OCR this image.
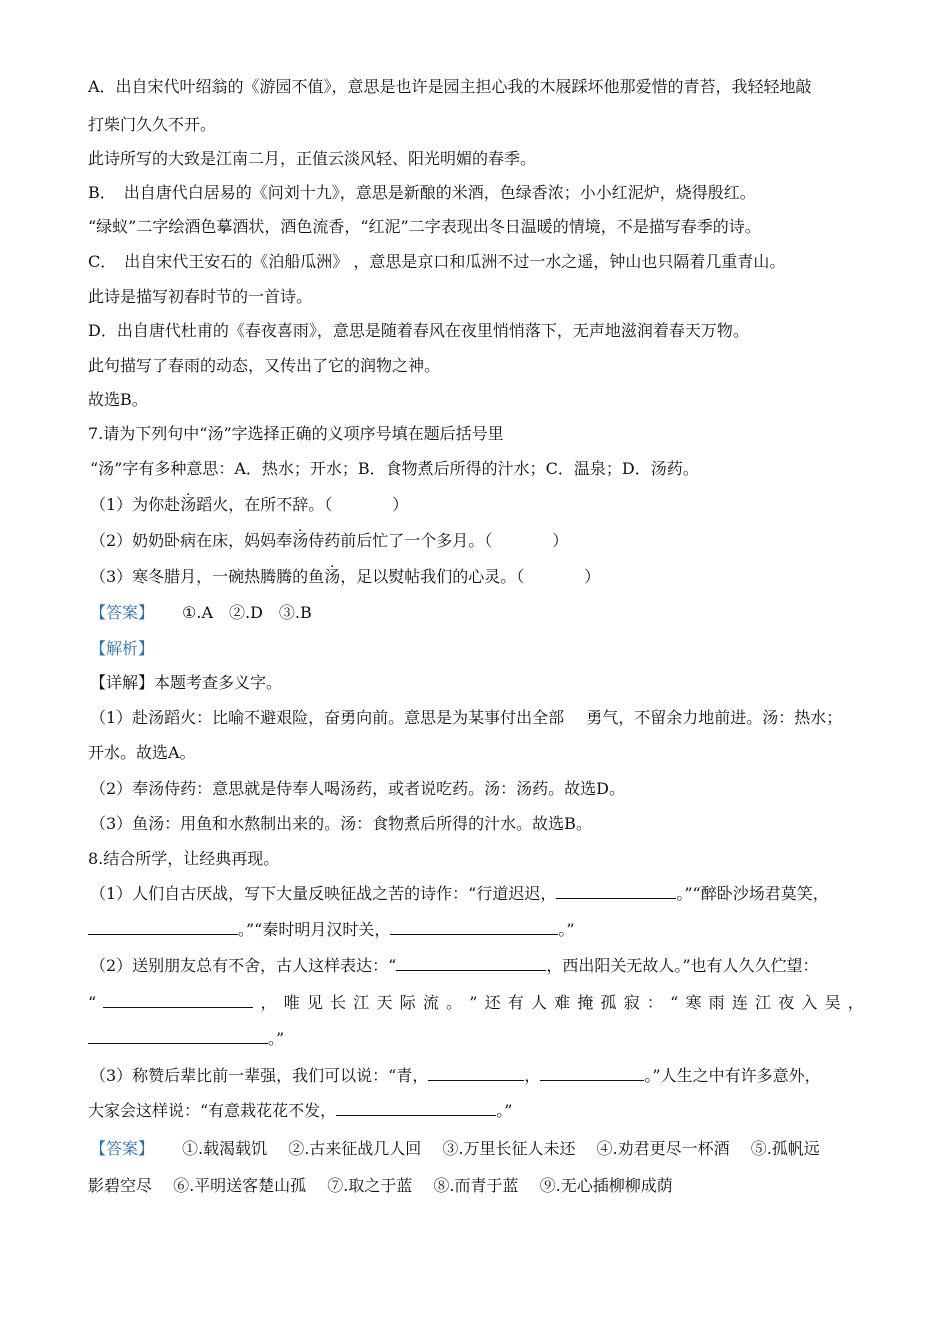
A．出自宋代叶绍翁的《游园不值》，意思是也许是园主担心我的木屐踩坏他那爱惜的青苔，我轻轻地敲
打柴门久久不开。
此诗所写的大致是江南二月，正值云淡风轻、阳光明媚的春季。
B．　出自唐代白居易的《问刘十九》，意思是新酿的米酒，色绿香浓；小小红泥炉，烧得殷红。
“绿蚁”二字绘酒色摹酒状，酒色流香，“红泥”二字表现出冬日温暖的情境，不是描写春季的诗。
C．　出自宋代王安石的《泊船瓜洲》 ，意思是京口和瓜洲不过一水之遥，钟山也只隔着几重青山。
此诗是描写初春时节的一首诗。
D．出自唐代杜甫的《春夜喜雨》，意思是随着春风在夜里悄悄落下，无声地滋润着春天万物。
此句描写了春雨的动态，又传出了它的润物之神。
故选B。
7.请为下列句中“汤”字选择正确的义项序号填在题后括号里
“汤”字有多种意思：A．热水；开水；B．食物煮后所得的汁水；C．温泉；D．汤药。
（1）为你赴汤蹈火，在所不辞。（	）
（2）奶奶卧病在床，妈妈奉汤侍药前后忙了一个多月。（	）
（3）寒冬腊月，一碗热腾腾的鱼汤，足以熨帖我们的心灵。（	）
【答案】 ①.A　②.D　③.B
【解析】
【详解】本题考查多义字。
（1）赴汤蹈火：比喻不避艰险，奋勇向前。意思是为某事付出全部 勇气，不留余力地前进。汤：热水；
开水。故选A。
（2）奉汤侍药：意思就是侍奉人喝汤药，或者说吃药。汤：汤药。故选D。
（3）鱼汤：用鱼和水熬制出来的。汤：食物煮后所得的汁水。故选B。
8.结合所学，让经典再现。
（1）人们自古厌战，写下大量反映征战之苦的诗作：“行道迟迟，	。”“醉卧沙场君莫笑，
。”“秦时明月汉时关，	。”
（2）送别朋友总有不舍，古人这样表达：“	，西出阳关无故人。”也有人久久伫望：
“	， 唯 见 长 江 天 际 流 。 ” 还 有 人 难 掩 孤 寂 ： “ 寒 雨 连 江 夜 入 吴 ，
。”
（3）称赞后辈比前一辈强，我们可以说：“青，	，	。”人生之中有许多意外，
大家会这样说：“有意栽花花不发，	。”
【答案】 ①.载渴载饥　 ②.古来征战几人回　 ③.万里长征人未还　 ④.劝君更尽一杯酒　 ⑤.孤帆远
影碧空尽　 ⑥.平明送客楚山孤　 ⑦.取之于蓝　 ⑧.而青于蓝　 ⑨.无心插柳柳成荫
